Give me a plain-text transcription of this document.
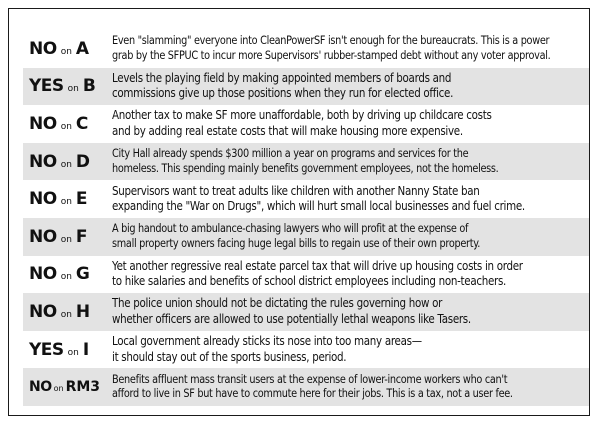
NO on A Even "slamming" everyone into CleanPowerSF isn't enough for the bureaucrats. This is a power
grab by the SFPUC to incur more Supervisors' rubber-stamped debt without any voter approval.
YES on B Levels the playing field by making appointed members of boards and
commissions give up those positions when they run for elected office.
NO on C Another tax to make SF more unaffordable, both by driving up childcare costs
and by adding real estate costs that will make housing more expensive.
NO on D City Hall already spends $300 million a year on programs and services for the
homeless. This spending mainly benefits government employees, not the homeless.
NO on E Supervisors want to treat adults like children with another Nanny State ban
expanding the "War on Drugs", which will hurt small local businesses and fuel crime.
NO on F A big handout to ambulance-chasing lawyers who will profit at the expense of
small property owners facing huge legal bills to regain use of their own property.
NO on G Yet another regressive real estate parcel tax that will drive up housing costs in order
to hike salaries and benefits of school district employees including non-teachers.
NO on H The police union should not be dictating the rules governing how or
whether officers are allowed to use potentially lethal weapons like Tasers.
YES on I Local government already sticks its nose into too many areas—
it should stay out of the sports business, period.
NO on RM3 Benefits affluent mass transit users at the expense of lower-income workers who can't
afford to live in SF but have to commute here for their jobs. This is a tax, not a user fee.
